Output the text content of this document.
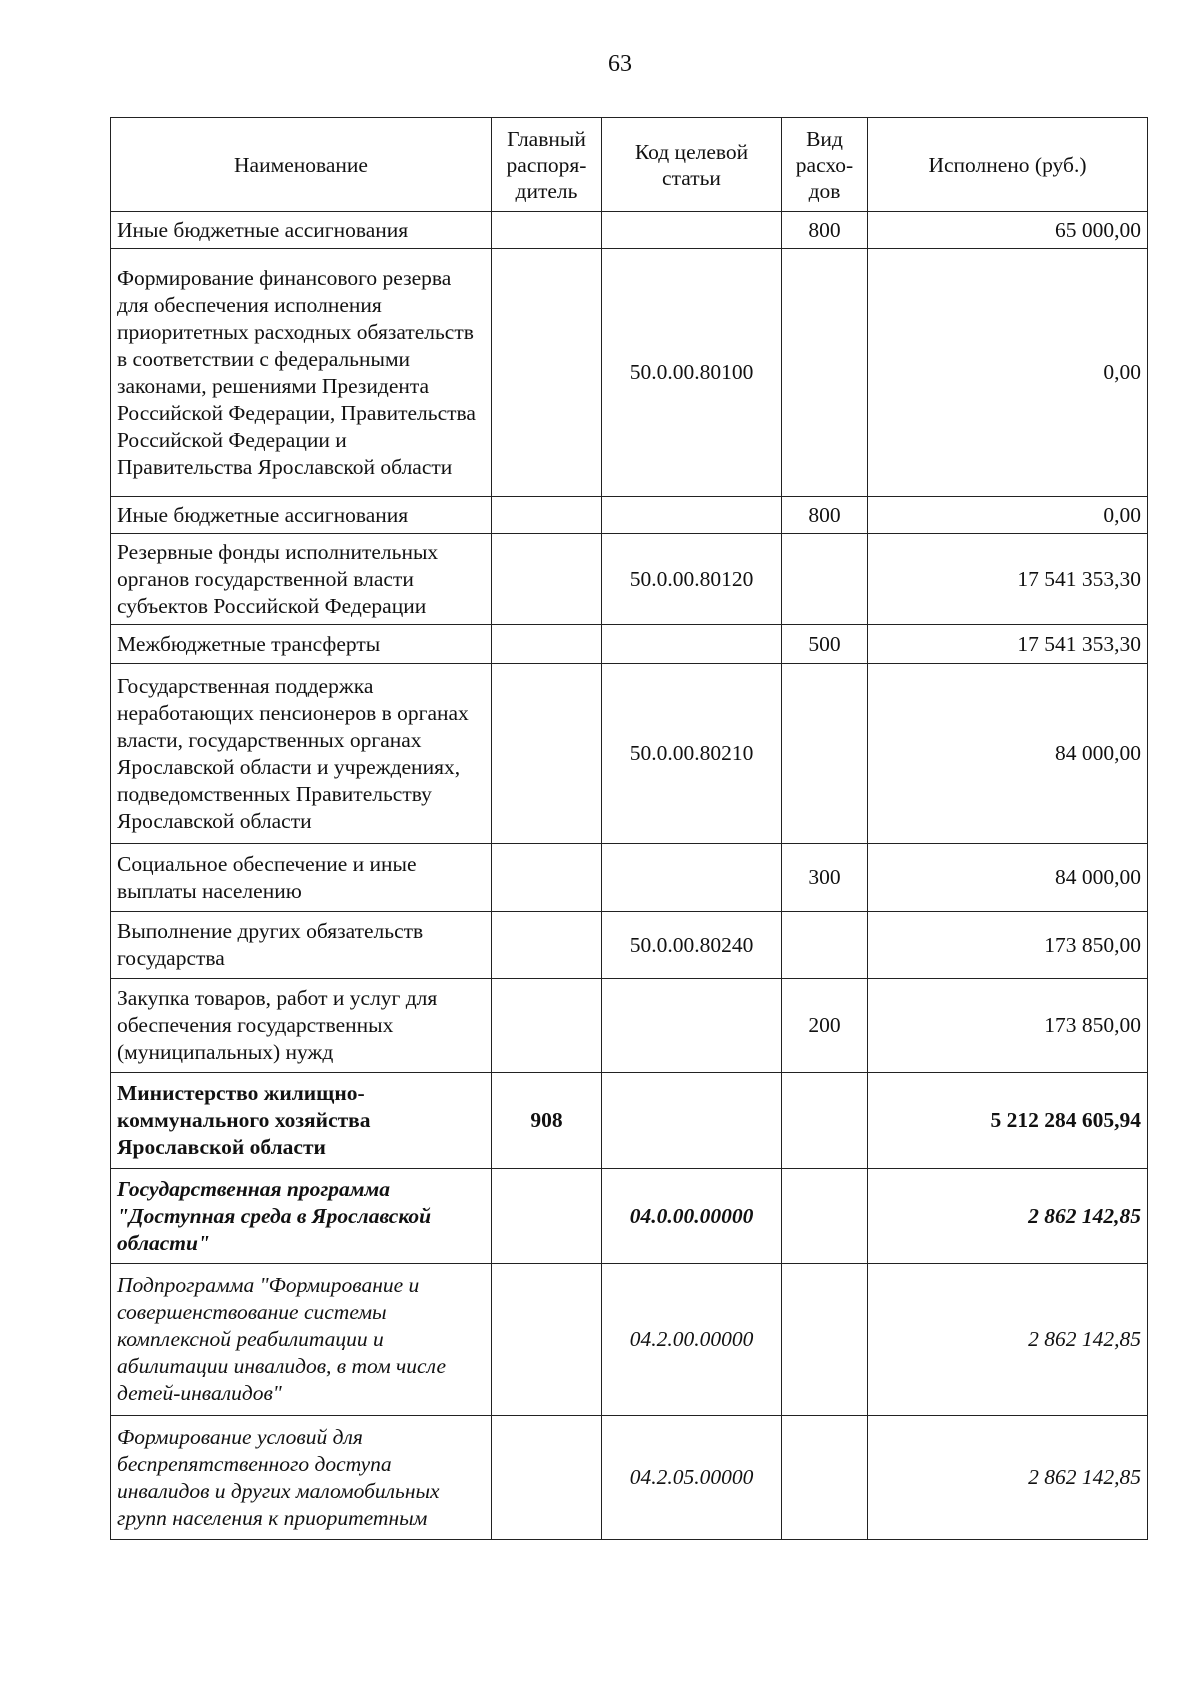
63
Наименование	Главный распоря-дитель	Код целевой статьи	Вид расхо-дов	Исполнено (руб.)
Иные бюджетные ассигнования			800	65 000,00
Формирование финансового резерва для обеспечения исполнения приоритетных расходных обязательств в соответствии с федеральными законами, решениями Президента Российской Федерации, Правительства Российской Федерации и Правительства Ярославской области		50.0.00.80100		0,00
Иные бюджетные ассигнования			800	0,00
Резервные фонды исполнительных органов государственной власти субъектов Российской Федерации		50.0.00.80120		17 541 353,30
Межбюджетные трансферты			500	17 541 353,30
Государственная поддержка неработающих пенсионеров в органах власти, государственных органах Ярославской области и учреждениях, подведомственных Правительству Ярославской области		50.0.00.80210		84 000,00
Социальное обеспечение и иные выплаты населению			300	84 000,00
Выполнение других обязательств государства		50.0.00.80240		173 850,00
Закупка товаров, работ и услуг для обеспечения государственных (муниципальных) нужд			200	173 850,00
Министерство жилищно-коммунального хозяйства Ярославской области	908			5 212 284 605,94
Государственная программа "Доступная среда в Ярославской области"		04.0.00.00000		2 862 142,85
Подпрограмма "Формирование и совершенствование системы комплексной реабилитации и абилитации инвалидов, в том числе детей-инвалидов"		04.2.00.00000		2 862 142,85
Формирование условий для беспрепятственного доступа инвалидов и других маломобильных групп населения к приоритетным		04.2.05.00000		2 862 142,85
